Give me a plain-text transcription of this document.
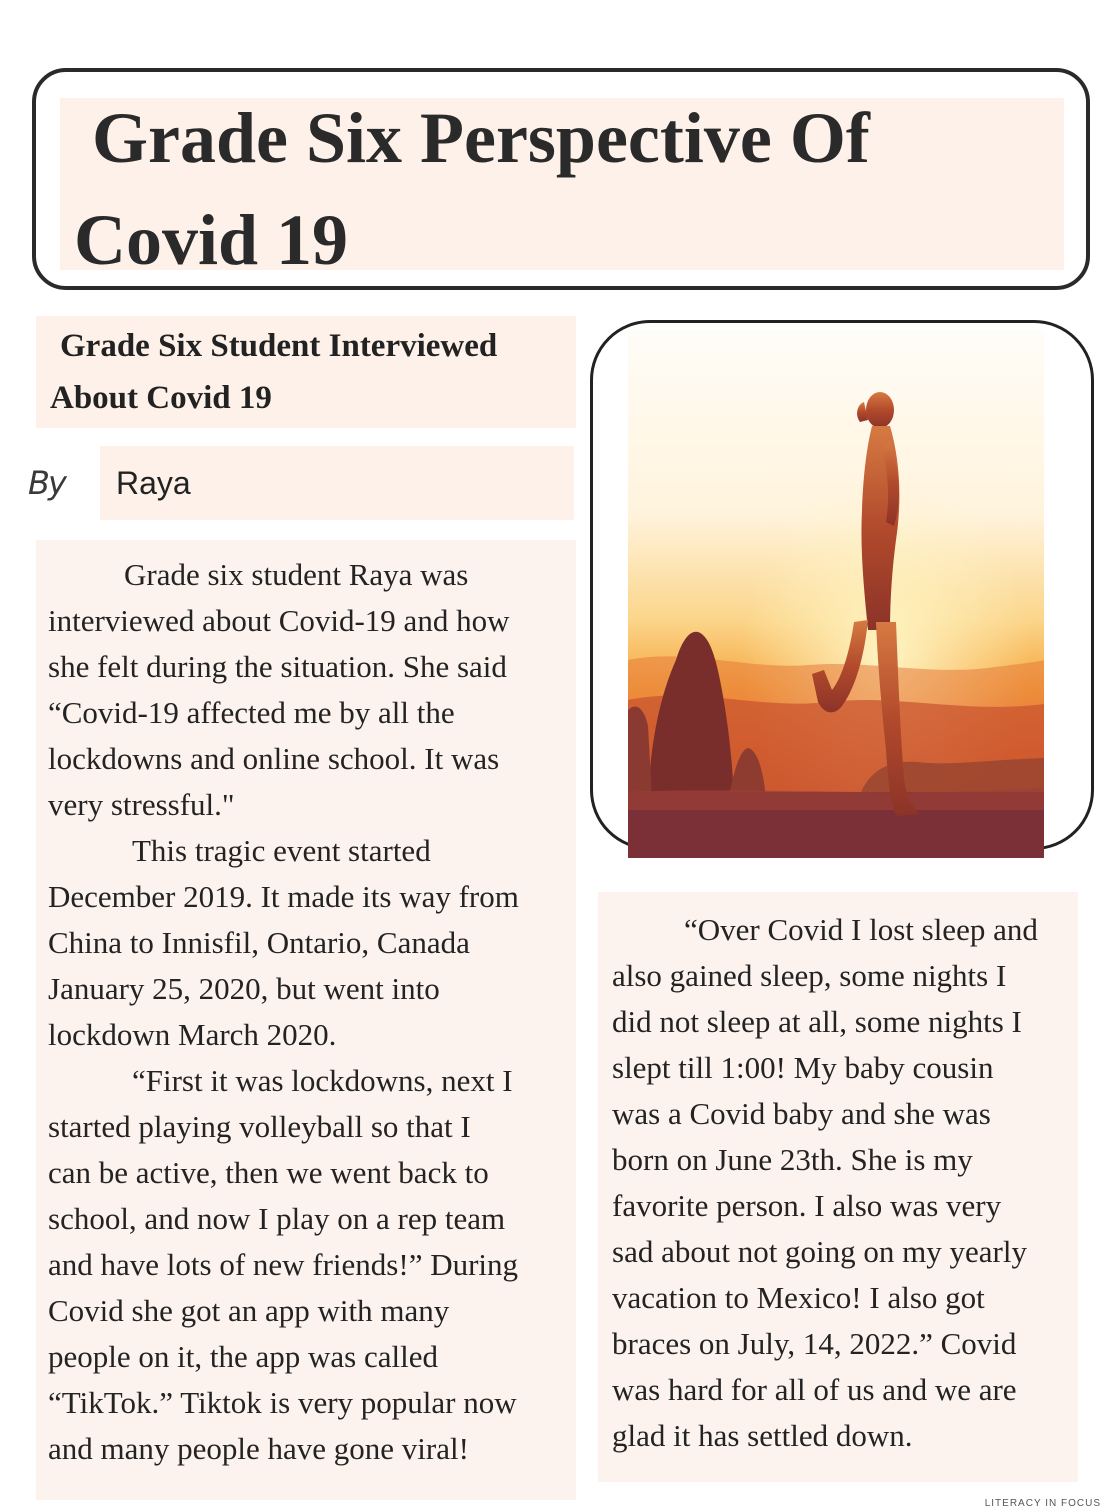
Grade Six Perspective Of
Covid 19
Grade Six Student Interviewed
About Covid 19
By Raya

Grade six student Raya was

interviewed about Covid-19 and how

she felt during the situation. She said

“Covid-19 affected me by all the

lockdowns and online school. It was

very stressful."

This tragic event started

December 2019. It made its way from

China to Innisfil, Ontario, Canada

January 25, 2020, but went into

lockdown March 2020.

“First it was lockdowns, next I

started playing volleyball so that I

can be active, then we went back to

school, and now I play on a rep team

and have lots of new friends!” During

Covid she got an app with many

people on it, the app was called

“TikTok.” Tiktok is very popular now

and many people have gone viral!

“Over Covid I lost sleep and

also gained sleep, some nights I

did not sleep at all, some nights I

slept till 1:00! My baby cousin

was a Covid baby and she was

born on June 23th. She is my

favorite person. I also was very

sad about not going on my yearly

vacation to Mexico! I also got

braces on July, 14, 2022.” Covid

was hard for all of us and we are

glad it has settled down.

LITERACY IN FOCUS
